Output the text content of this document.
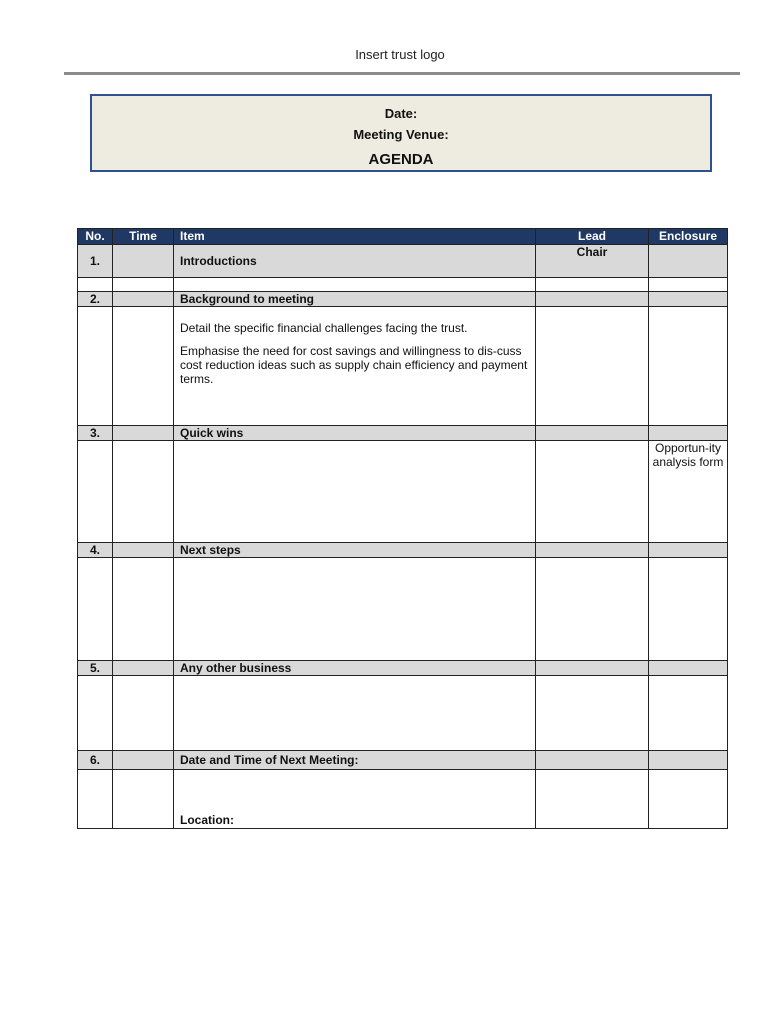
Insert trust logo
Date:
Meeting Venue:
AGENDA
No.	Time	Item	Lead	Enclosure
1.		Introductions	Chair	

2.		Background to meeting		

		Detail the specific financial challenges facing the trust.

Emphasise the need for cost savings and willingness to dis-cuss cost reduction ideas such as supply chain efficiency and payment terms.		

3.		Quick wins		
				Opportun-ity analysis form
4.		Next steps		

5.		Any other business		

6.		Date and Time of Next Meeting:		
		Location:		
